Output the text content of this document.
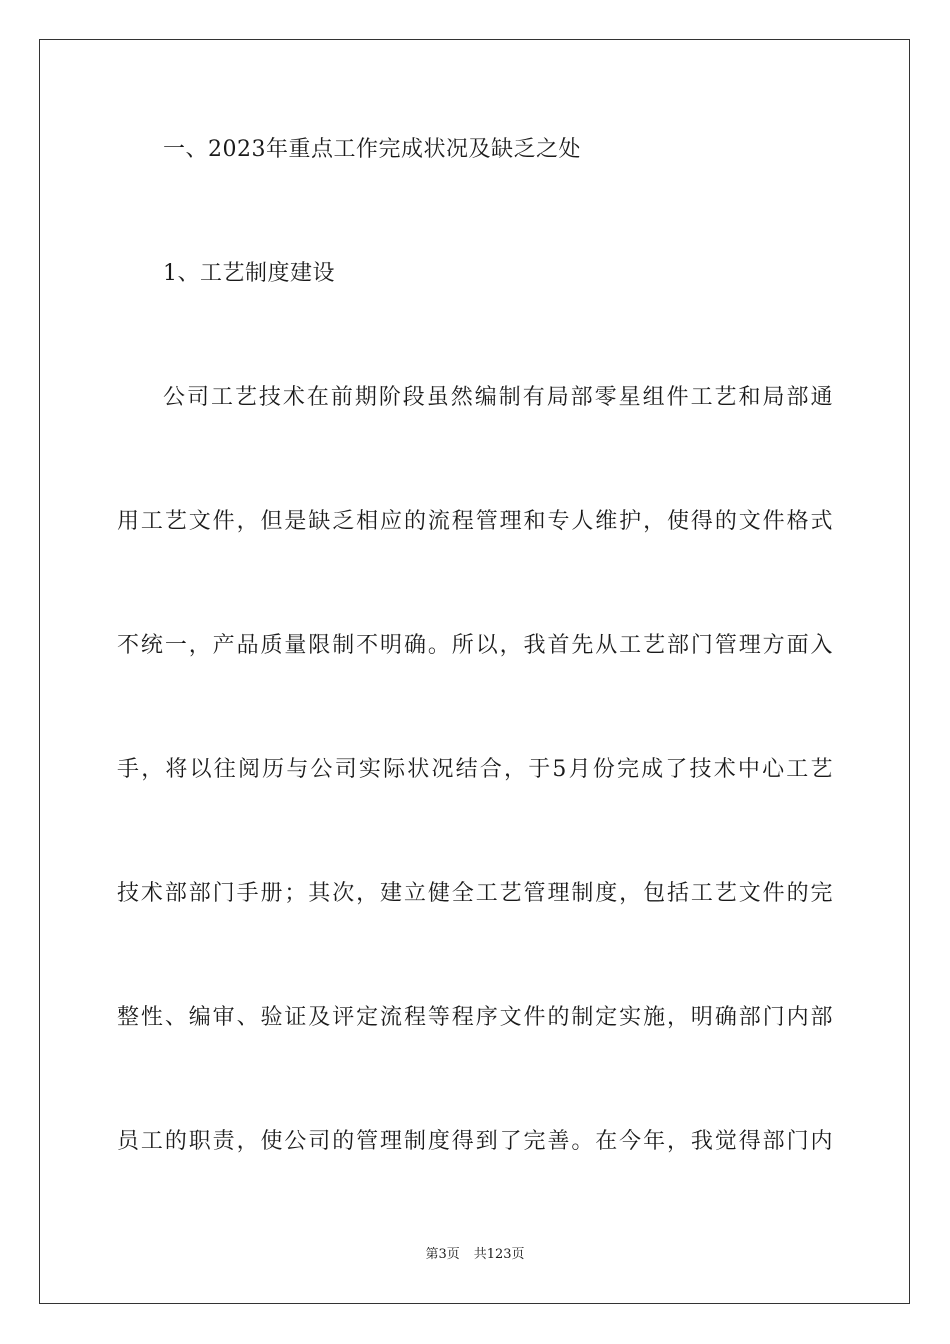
一、2023年重点工作完成状况及缺乏之处
1、工艺制度建设
公司工艺技术在前期阶段虽然编制有局部零星组件工艺和局部通
用工艺文件，但是缺乏相应的流程管理和专人维护，使得的文件格式
不统一，产品质量限制不明确。所以，我首先从工艺部门管理方面入
手，将以往阅历与公司实际状况结合，于5月份完成了技术中心工艺
技术部部门手册；其次，建立健全工艺管理制度，包括工艺文件的完
整性、编审、验证及评定流程等程序文件的制定实施，明确部门内部
员工的职责，使公司的管理制度得到了完善。在今年，我觉得部门内
第3页 共123页
